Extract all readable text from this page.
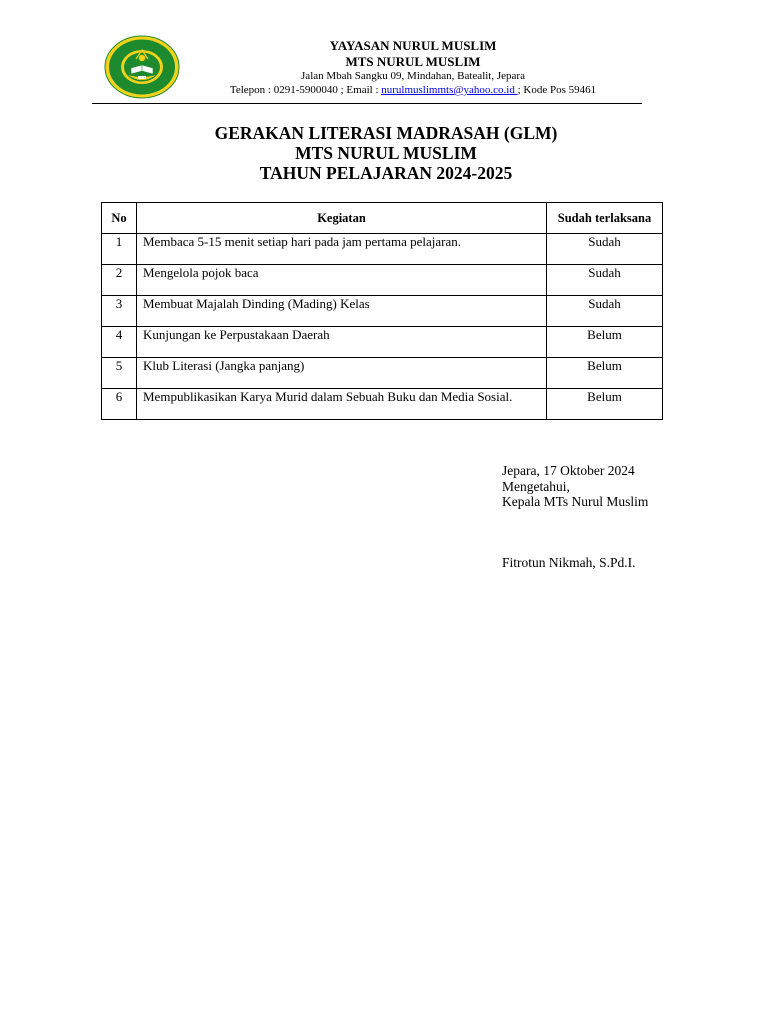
YAYASAN NURUL MUSLIM
MTS NURUL MUSLIM
Jalan Mbah Sangku 09, Mindahan, Batealit, Jepara
Telepon : 0291-5900040 ; Email : nurulmuslimmts@yahoo.co.id ; Kode Pos 59461
GERAKAN LITERASI MADRASAH (GLM)
MTS NURUL MUSLIM
TAHUN PELAJARAN 2024-2025
No	Kegiatan	Sudah terlaksana
1	Membaca 5-15 menit setiap hari pada jam pertama pelajaran.	Sudah
2	Mengelola pojok baca	Sudah
3	Membuat Majalah Dinding (Mading) Kelas	Sudah
4	Kunjungan ke Perpustakaan Daerah	Belum
5	Klub Literasi (Jangka panjang)	Belum
6	Mempublikasikan Karya Murid dalam Sebuah Buku dan Media Sosial.	Belum
Jepara, 17 Oktober 2024
Mengetahui,
Kepala MTs Nurul Muslim
Fitrotun Nikmah, S.Pd.I.
